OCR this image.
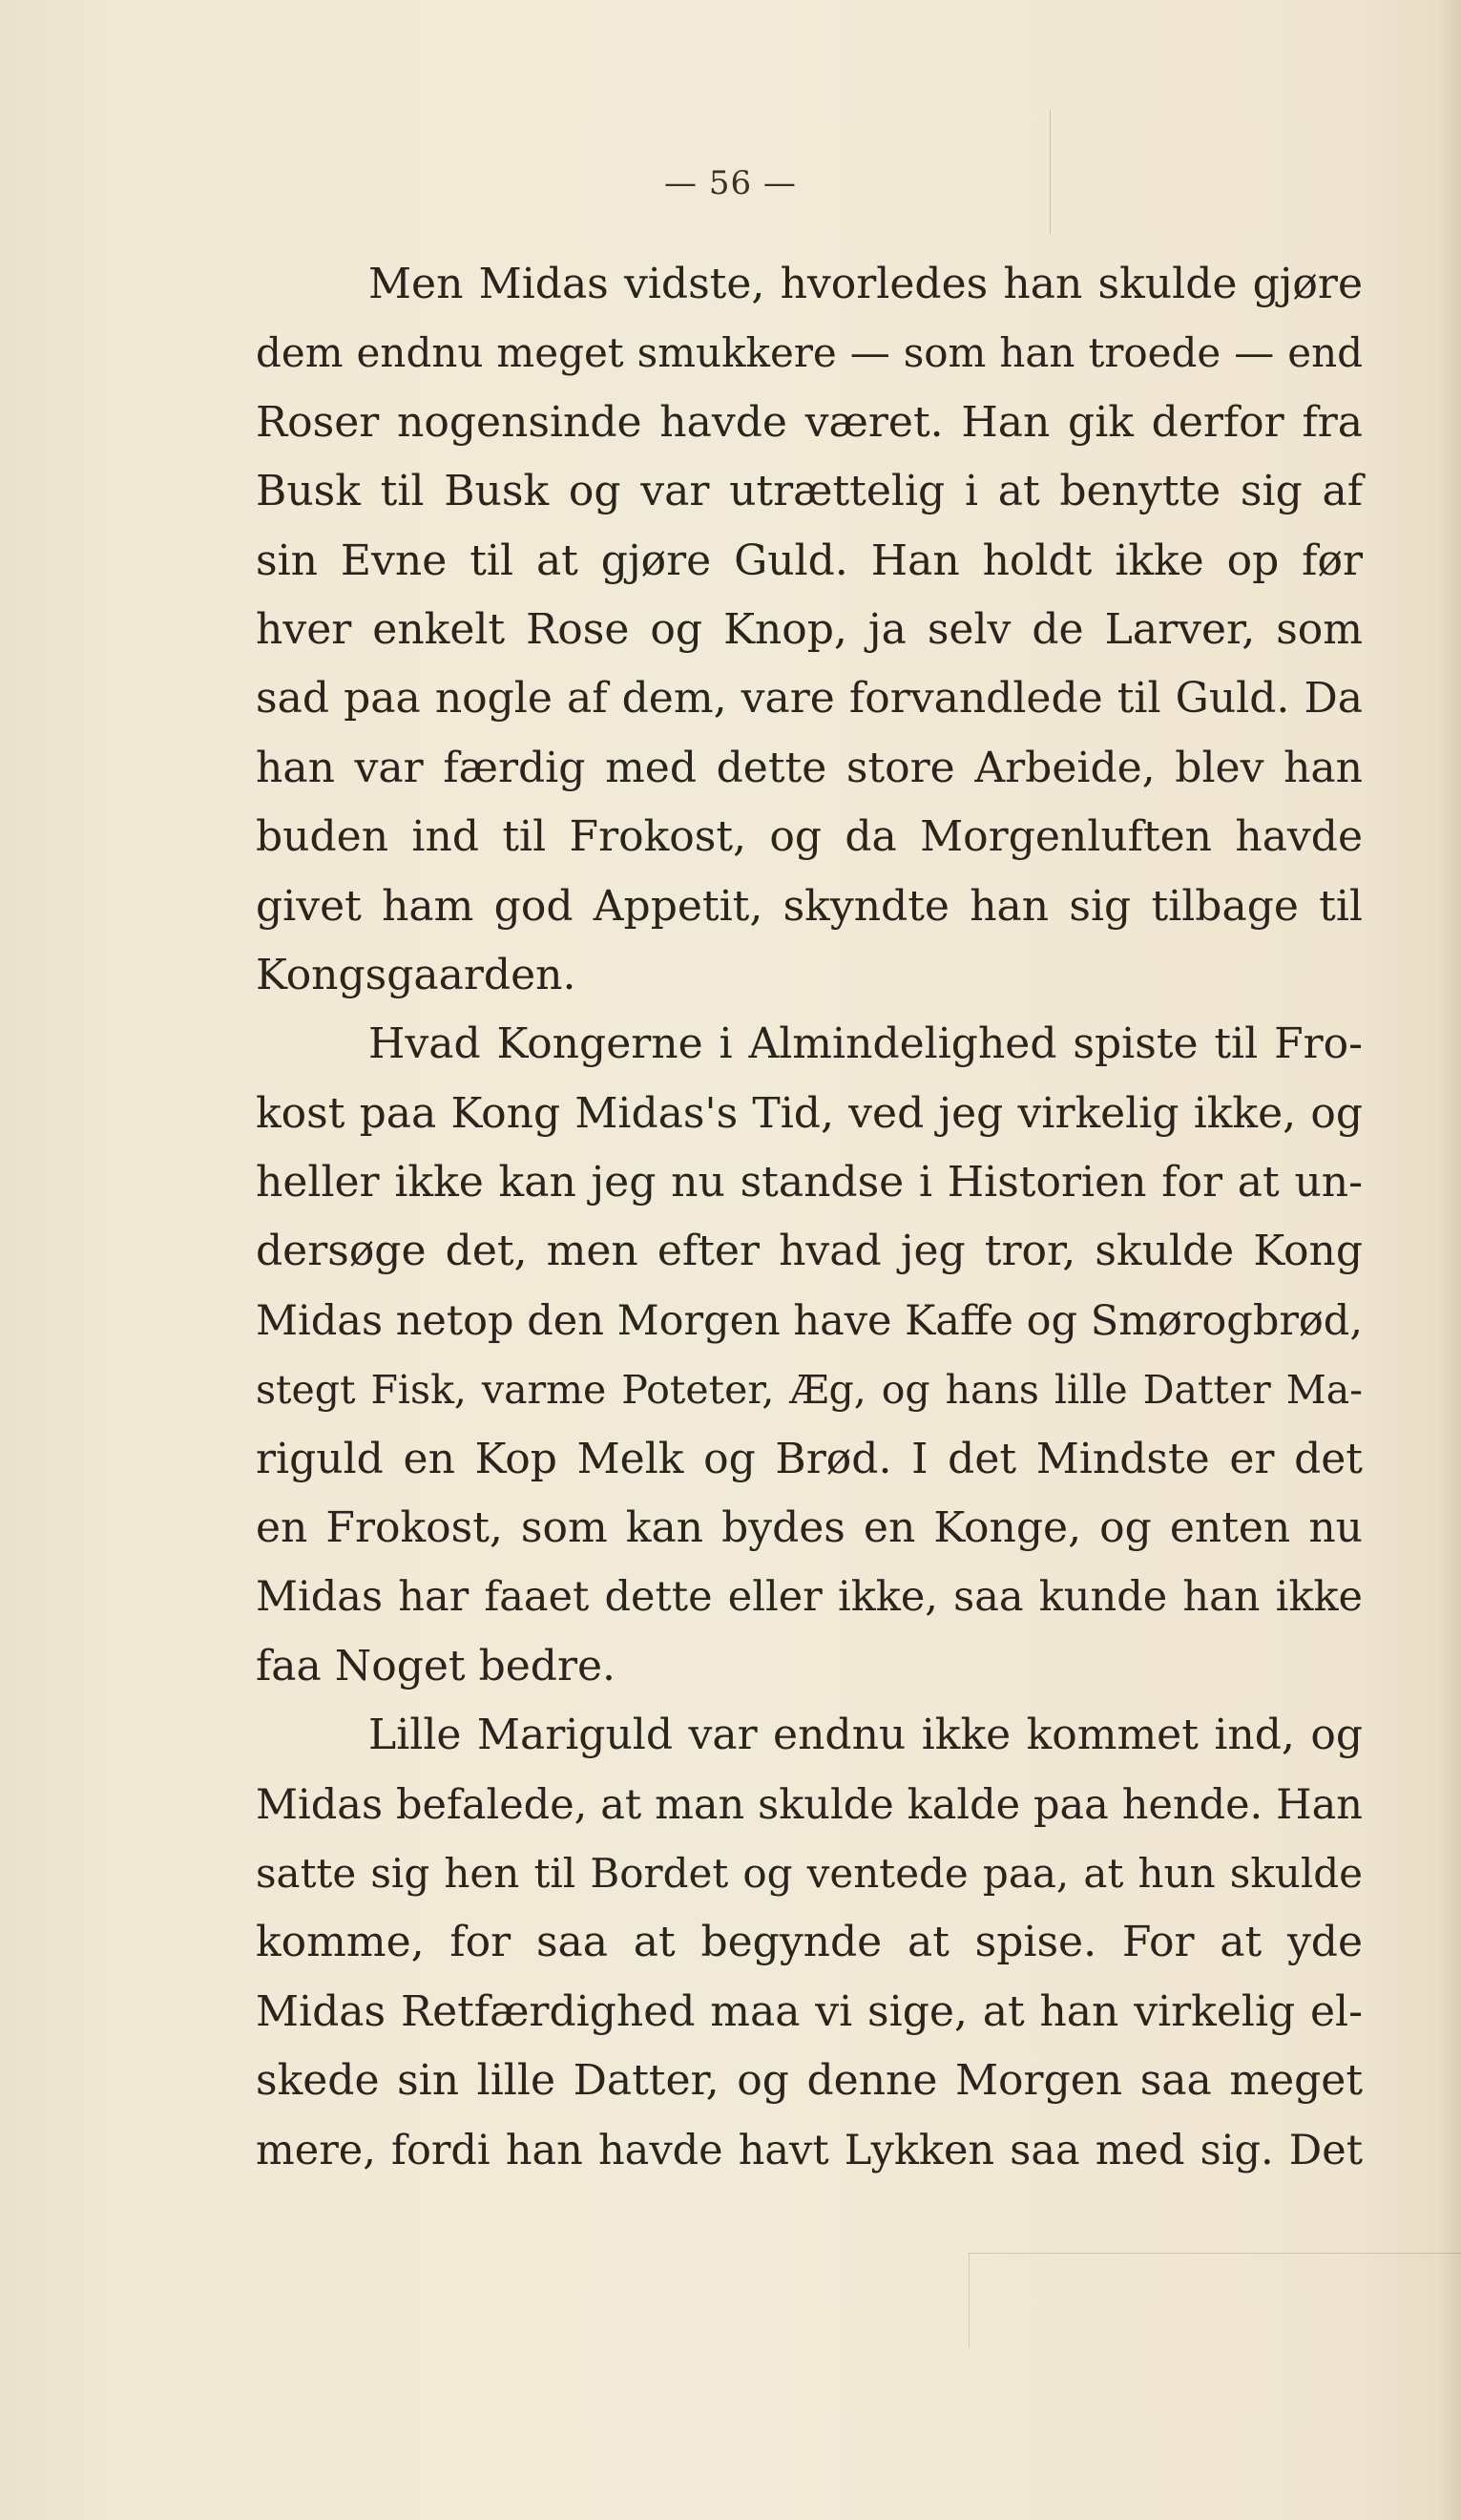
— 56 —
Men Midas vidste, hvorledes han skulde gjøre
dem endnu meget smukkere — som han troede — end
Roser nogensinde havde været. Han gik derfor fra
Busk til Busk og var utrættelig i at benytte sig af
sin Evne til at gjøre Guld. Han holdt ikke op før
hver enkelt Rose og Knop, ja selv de Larver, som
sad paa nogle af dem, vare forvandlede til Guld. Da
han var færdig med dette store Arbeide, blev han
buden ind til Frokost, og da Morgenluften havde
givet ham god Appetit, skyndte han sig tilbage til
Kongsgaarden.
Hvad Kongerne i Almindelighed spiste til Fro-
kost paa Kong Midas's Tid, ved jeg virkelig ikke, og
heller ikke kan jeg nu standse i Historien for at un-
dersøge det, men efter hvad jeg tror, skulde Kong
Midas netop den Morgen have Kaffe og Smørogbrød,
stegt Fisk, varme Poteter, Æg, og hans lille Datter Ma-
riguld en Kop Melk og Brød. I det Mindste er det
en Frokost, som kan bydes en Konge, og enten nu
Midas har faaet dette eller ikke, saa kunde han ikke
faa Noget bedre.
Lille Mariguld var endnu ikke kommet ind, og
Midas befalede, at man skulde kalde paa hende. Han
satte sig hen til Bordet og ventede paa, at hun skulde
komme, for saa at begynde at spise. For at yde
Midas Retfærdighed maa vi sige, at han virkelig el-
skede sin lille Datter, og denne Morgen saa meget
mere, fordi han havde havt Lykken saa med sig. Det
